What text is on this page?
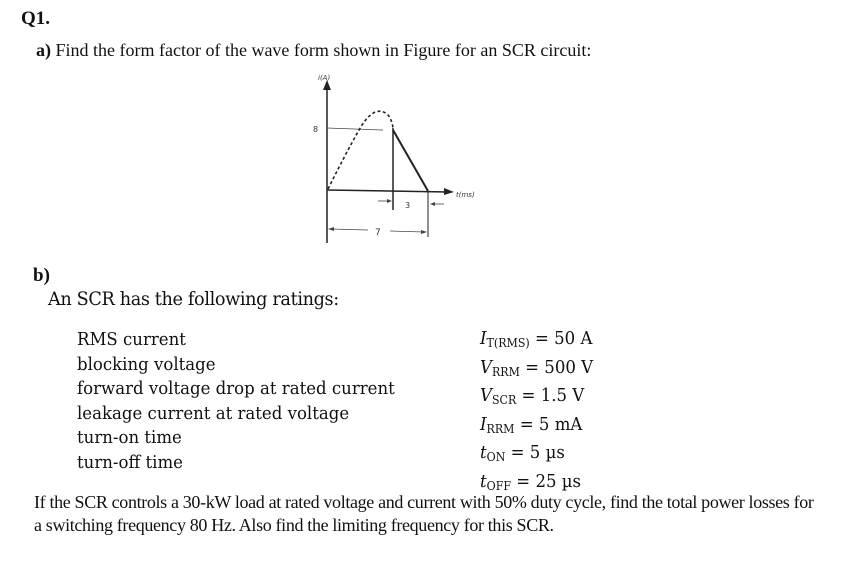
Q1.
a) Find the form factor of the wave form shown in Figure for an SCR circuit:
i(A)
t(ms)
8
3
7
b)
An SCR has the following ratings:
RMS current
blocking voltage
forward voltage drop at rated current
leakage current at rated voltage
turn-on time
turn-off time
$I_{T(RMS)} = 50$ A
$V_{RRM} = 500$ V
$V_{SCR} = 1.5$ V
$I_{RRM} = 5$ mA
$t_{ON} = 5$ µs
$t_{OFF} = 25$ µs
If the SCR controls a 30-kW load at rated voltage and current with 50% duty cycle, find the total power losses for a switching frequency 80 Hz. Also find the limiting frequency for this SCR.
